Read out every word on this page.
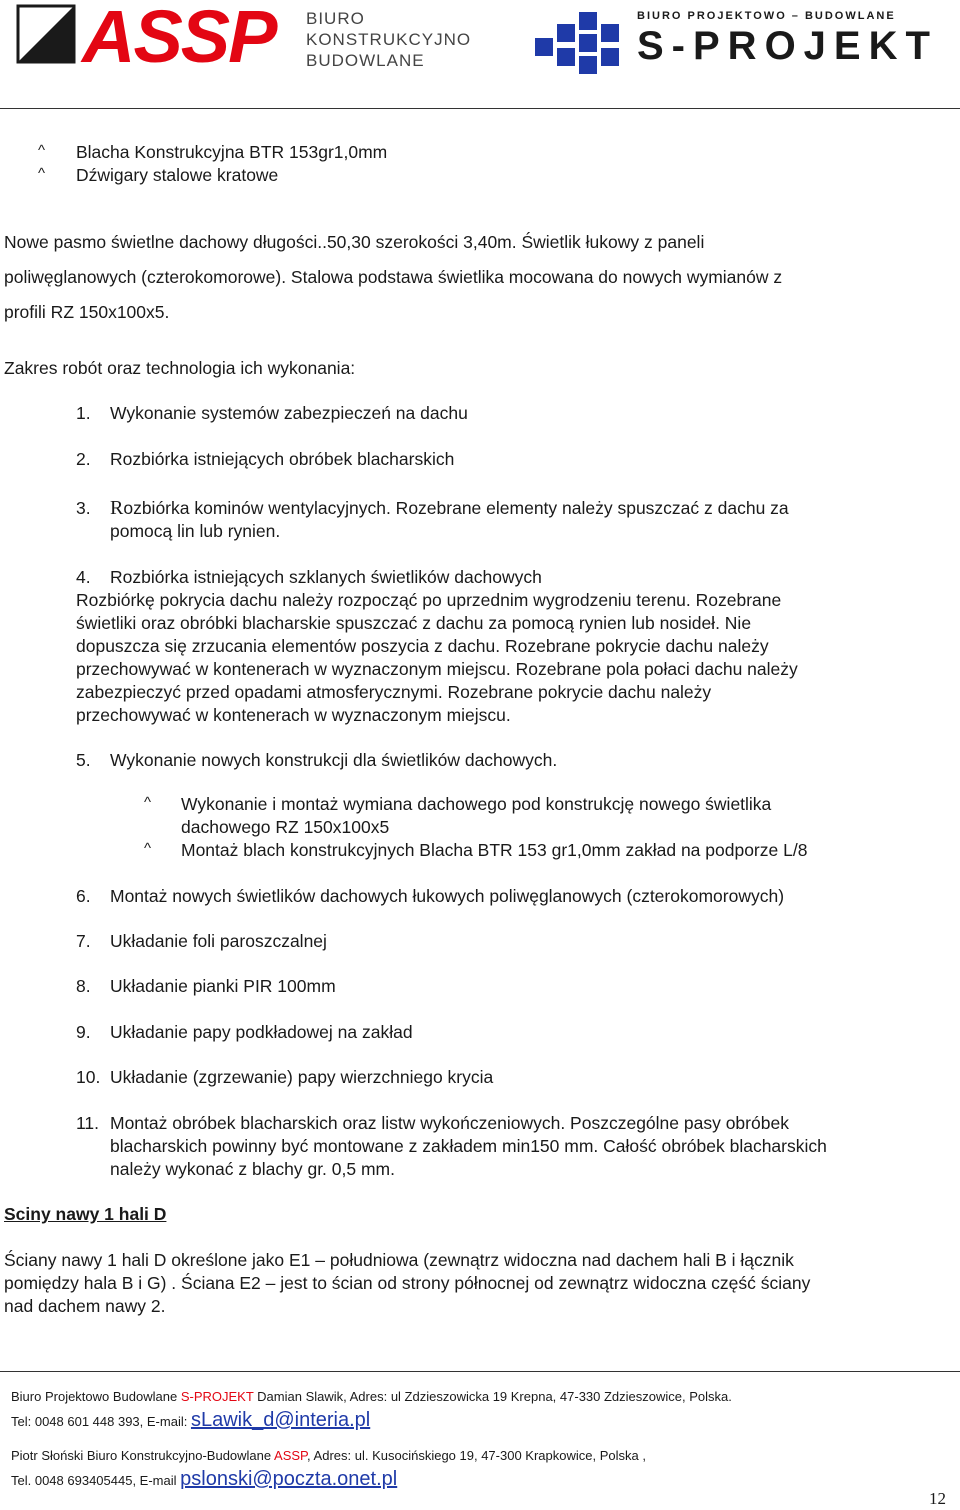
ASSP BIURO
KONSTRUKCYJNO
BUDOWLANE
BIURO PROJEKTOWO – BUDOWLANE
S-PROJEKT
^ Blacha Konstrukcyjna BTR 153gr1,0mm
^ Dźwigary stalowe kratowe
Nowe pasmo świetlne dachowy długości..50,30 szerokości 3,40m. Świetlik łukowy z paneli
poliwęglanowych (czterokomorowe). Stalowa podstawa świetlika mocowana do nowych wymianów z
profili RZ 150x100x5.
Zakres robót oraz technologia ich wykonania:
1. Wykonanie systemów zabezpieczeń na dachu
2. Rozbiórka istniejących obróbek blacharskich
3. Rozbiórka kominów wentylacyjnych. Rozebrane elementy należy spuszczać z dachu za
pomocą lin lub rynien.
4. Rozbiórka istniejących szklanych świetlików dachowych
Rozbiórkę pokrycia dachu należy rozpocząć po uprzednim wygrodzeniu terenu. Rozebrane
świetliki oraz obróbki blacharskie spuszczać z dachu za pomocą rynien lub nosideł. Nie
dopuszcza się zrzucania elementów poszycia z dachu. Rozebrane pokrycie dachu należy
przechowywać w kontenerach w wyznaczonym miejscu. Rozebrane pola połaci dachu należy
zabezpieczyć przed opadami atmosferycznymi. Rozebrane pokrycie dachu należy
przechowywać w kontenerach w wyznaczonym miejscu.
5. Wykonanie nowych konstrukcji dla świetlików dachowych.
^ Wykonanie i montaż wymiana dachowego pod konstrukcję nowego świetlika
dachowego RZ 150x100x5
^ Montaż blach konstrukcyjnych Blacha BTR 153 gr1,0mm zakład na podporze L/8
6. Montaż nowych świetlików dachowych łukowych poliwęglanowych (czterokomorowych)
7. Układanie foli paroszczalnej
8. Układanie pianki PIR 100mm
9. Układanie papy podkładowej na zakład
10. Układanie (zgrzewanie) papy wierzchniego krycia
11. Montaż obróbek blacharskich oraz listw wykończeniowych. Poszczególne pasy obróbek
blacharskich powinny być montowane z zakładem min150 mm. Całość obróbek blacharskich
należy wykonać z blachy gr. 0,5 mm.
Sciny nawy 1 hali D
Ściany nawy 1 hali D określone jako E1 – południowa (zewnątrz widoczna nad dachem hali B i łącznik
pomiędzy hala B i G) . Ściana E2 – jest to ścian od strony północnej od zewnątrz widoczna część ściany
nad dachem nawy 2.
Biuro Projektowo Budowlane S-PROJEKT Damian Slawik, Adres: ul Zdzieszowicka 19 Krepna, 47-330 Zdzieszowice, Polska.
Tel: 0048 601 448 393, E-mail: sLawik_d@interia.pl
Piotr Słoński Biuro Konstrukcyjno-Budowlane ASSP, Adres: ul. Kusocińskiego 19, 47-300 Krapkowice, Polska ,
Tel. 0048 693405445, E-mail pslonski@poczta.onet.pl
12
